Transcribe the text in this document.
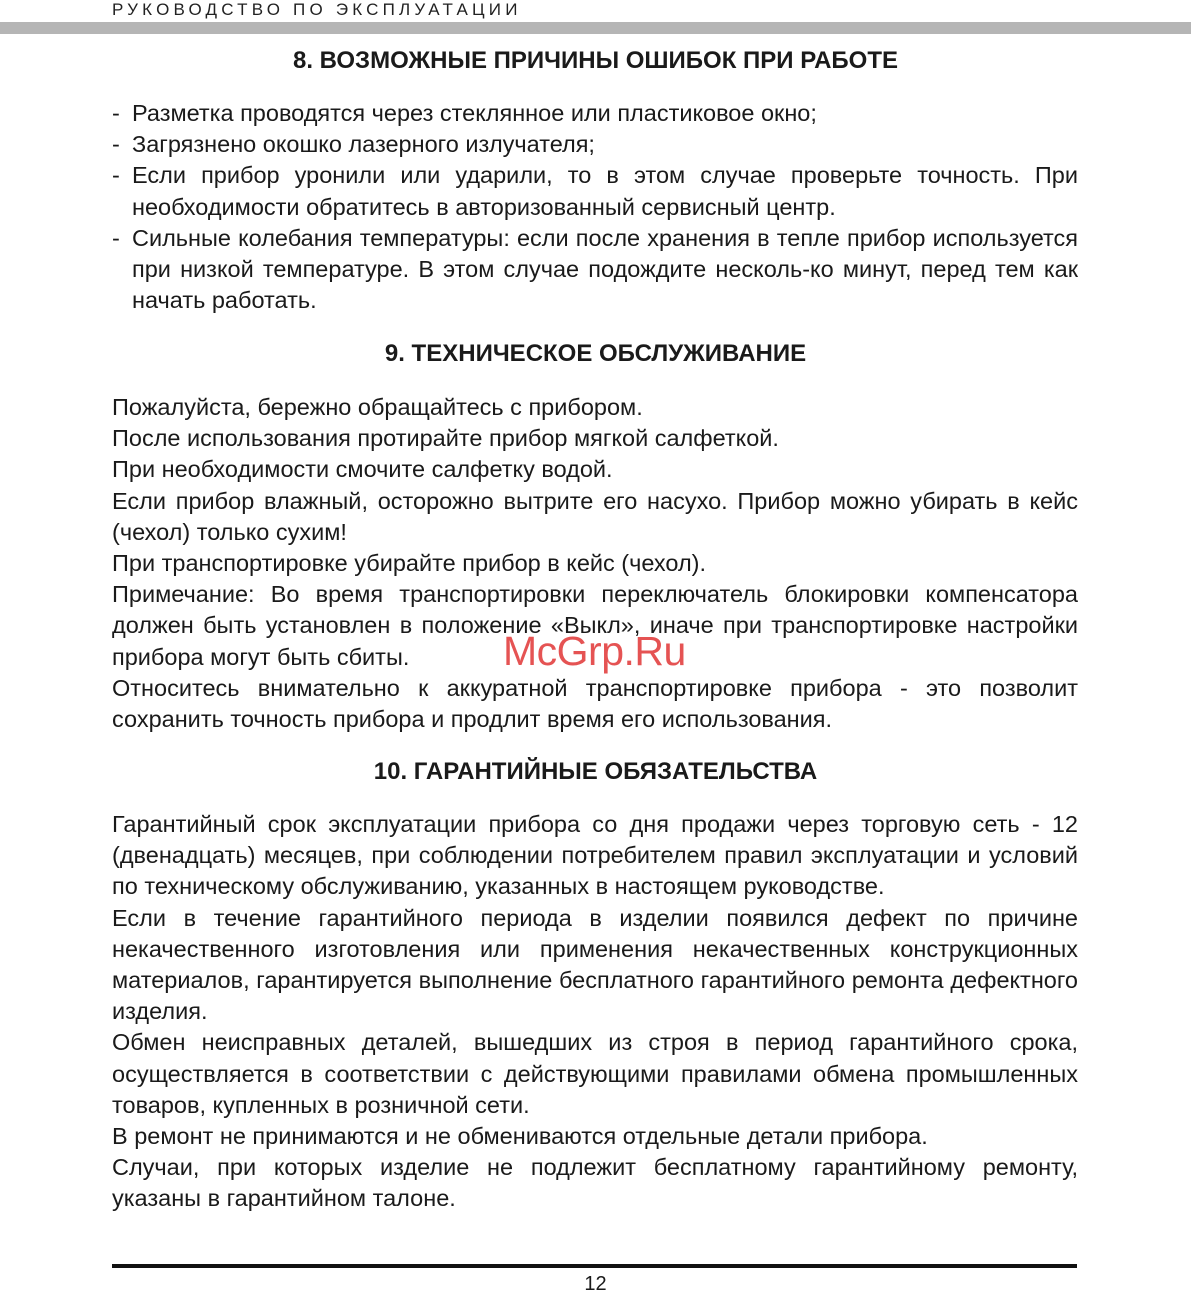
РУКОВОДСТВО ПО ЭКСПЛУАТАЦИИ
8. ВОЗМОЖНЫЕ ПРИЧИНЫ ОШИБОК ПРИ РАБОТЕ
- Разметка проводятся через стеклянное или пластиковое окно;
- Загрязнено окошко лазерного излучателя;
- Если прибор уронили или ударили, то в этом случае проверьте точность. При необходимости обратитесь в авторизованный сервисный центр.
- Сильные колебания температуры: если после хранения в тепле прибор используется при низкой температуре. В этом случае подождите несколь-ко минут, перед тем как начать работать.
9. ТЕХНИЧЕСКОЕ ОБСЛУЖИВАНИЕ
Пожалуйста, бережно обращайтесь с прибором.
После использования протирайте прибор мягкой салфеткой.
При необходимости смочите салфетку водой.
Если прибор влажный, осторожно вытрите его насухо. Прибор можно убирать в кейс (чехол) только сухим!
При транспортировке убирайте прибор в кейс (чехол).
Примечание: Во время транспортировки переключатель блокировки компенсатора должен быть установлен в положение «Выкл», иначе при транспортировке настройки прибора могут быть сбиты.
Относитесь внимательно к аккуратной транспортировке прибора - это позволит сохранить точность прибора и продлит время его использования.
10. ГАРАНТИЙНЫЕ ОБЯЗАТЕЛЬСТВА
Гарантийный срок эксплуатации прибора со дня продажи через торговую сеть - 12 (двенадцать) месяцев, при соблюдении потребителем правил эксплуатации и условий по техническому обслуживанию, указанных в настоящем руководстве.
Если в течение гарантийного периода в изделии появился дефект по причине некачественного изготовления или применения некачественных конструкционных материалов, гарантируется выполнение бесплатного гарантийного ремонта дефектного изделия.
Обмен неисправных деталей, вышедших из строя в период гарантийного срока, осуществляется в соответствии с действующими правилами обмена промышленных товаров, купленных в розничной сети.
В ремонт не принимаются и не обмениваются отдельные детали прибора.
Случаи, при которых изделие не подлежит бесплатному гарантийному ремонту, указаны в гарантийном талоне.
McGrp.Ru
12
